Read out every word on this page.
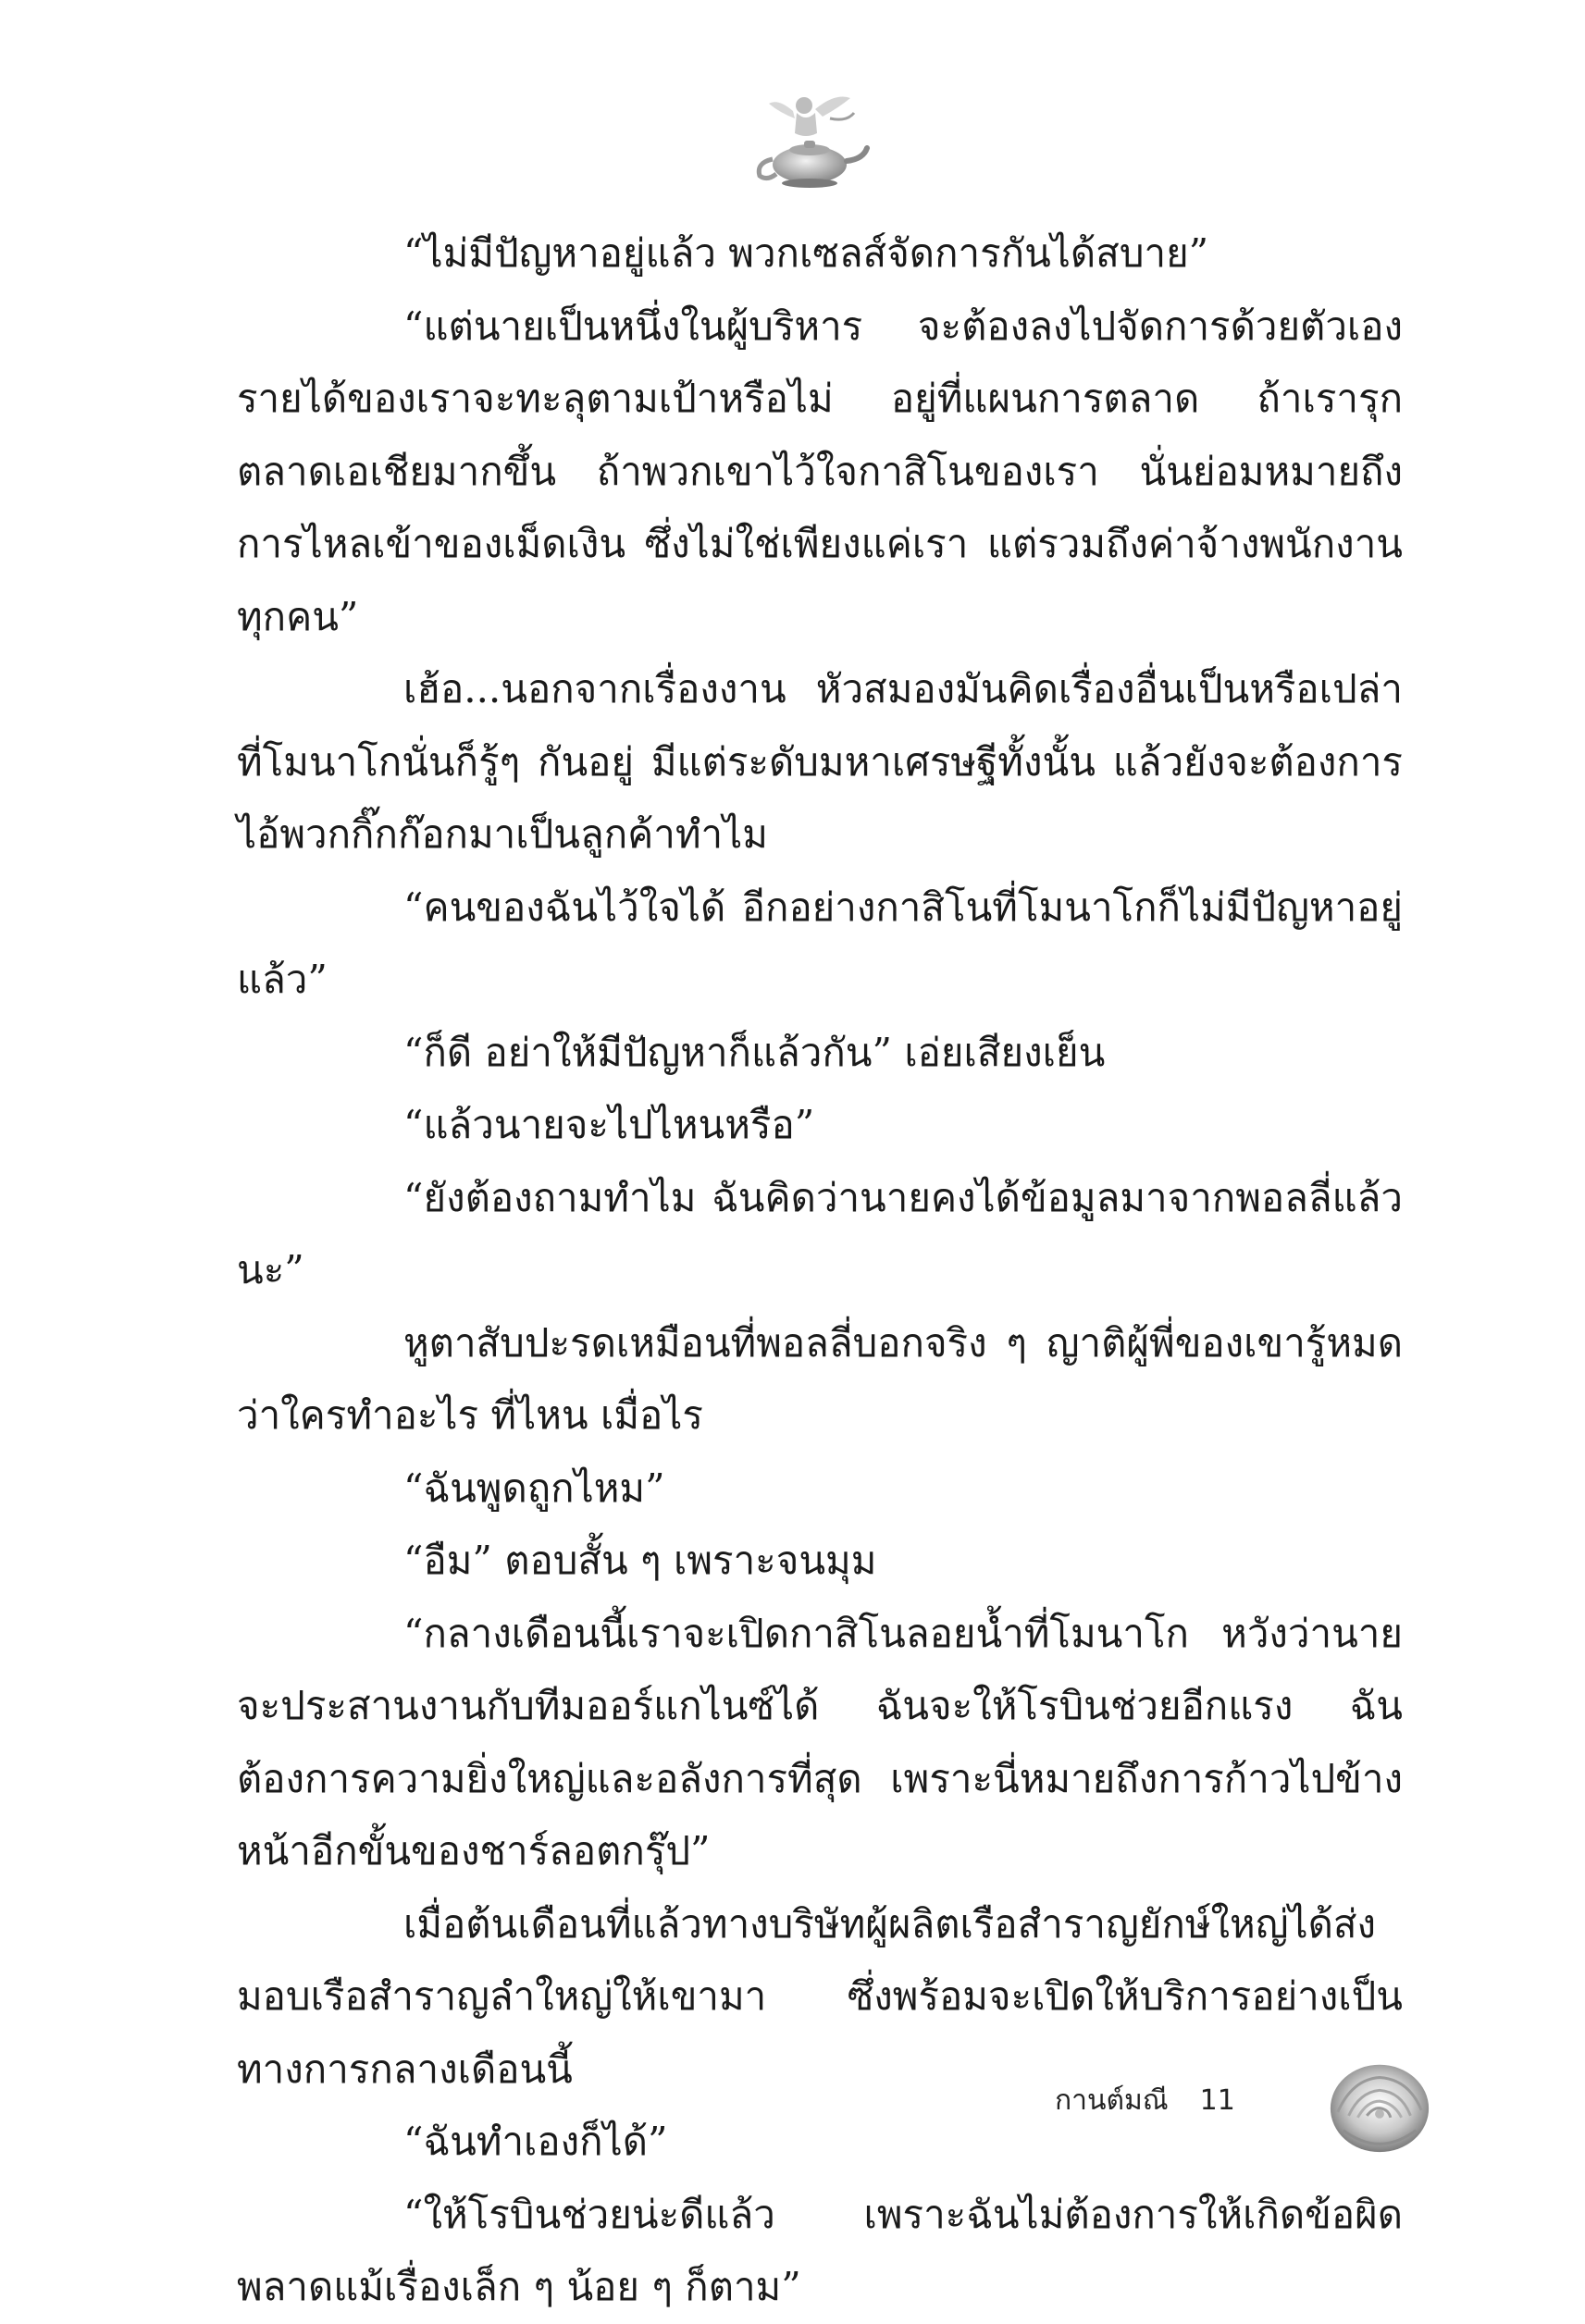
“ไม่มีปัญหาอยู่แล้ว พวกเซลส์จัดการกันได้สบาย”

“แต่นายเป็นหนึ่งในผู้บริหาร จะต้องลงไปจัดการด้วยตัวเอง รายได้ของเราจะทะลุตามเป้าหรือไม่ อยู่ที่แผนการตลาด ถ้าเรารุกตลาดเอเชียมากขึ้น ถ้าพวกเขาไว้ใจกาสิโนของเรา นั่นย่อมหมายถึงการไหลเข้าของเม็ดเงิน ซึ่งไม่ใช่เพียงแค่เรา แต่รวมถึงค่าจ้างพนักงานทุกคน”

เฮ้อ...นอกจากเรื่องงาน หัวสมองมันคิดเรื่องอื่นเป็นหรือเปล่า ที่โมนาโกนั่นก็รู้ๆ กันอยู่ มีแต่ระดับมหาเศรษฐีทั้งนั้น แล้วยังจะต้องการไอ้พวกกิ๊กก๊อกมาเป็นลูกค้าทำไม

“คนของฉันไว้ใจได้ อีกอย่างกาสิโนที่โมนาโกก็ไม่มีปัญหาอยู่แล้ว”

“ก็ดี อย่าให้มีปัญหาก็แล้วกัน” เอ่ยเสียงเย็น

“แล้วนายจะไปไหนหรือ”

“ยังต้องถามทำไม ฉันคิดว่านายคงได้ข้อมูลมาจากพอลลี่แล้วนะ”

หูตาสับปะรดเหมือนที่พอลลี่บอกจริง ๆ ญาติผู้พี่ของเขารู้หมดว่าใครทำอะไร ที่ไหน เมื่อไร

“ฉันพูดถูกไหม”

“อืม” ตอบสั้น ๆ เพราะจนมุม

“กลางเดือนนี้เราจะเปิดกาสิโนลอยน้ำที่โมนาโก หวังว่านายจะประสานงานกับทีมออร์แกไนซ์ได้ ฉันจะให้โรบินช่วยอีกแรง ฉันต้องการความยิ่งใหญ่และอลังการที่สุด เพราะนี่หมายถึงการก้าวไปข้างหน้าอีกขั้นของชาร์ลอตกรุ๊ป”

เมื่อต้นเดือนที่แล้วทางบริษัทผู้ผลิตเรือสำราญยักษ์ใหญ่ได้ส่งมอบเรือสำราญลำใหญ่ให้เขามา ซึ่งพร้อมจะเปิดให้บริการอย่างเป็นทางการกลางเดือนนี้

“ฉันทำเองก็ได้”

“ให้โรบินช่วยน่ะดีแล้ว เพราะฉันไม่ต้องการให้เกิดข้อผิดพลาดแม้เรื่องเล็ก ๆ น้อย ๆ ก็ตาม”

กานต์มณี 11
